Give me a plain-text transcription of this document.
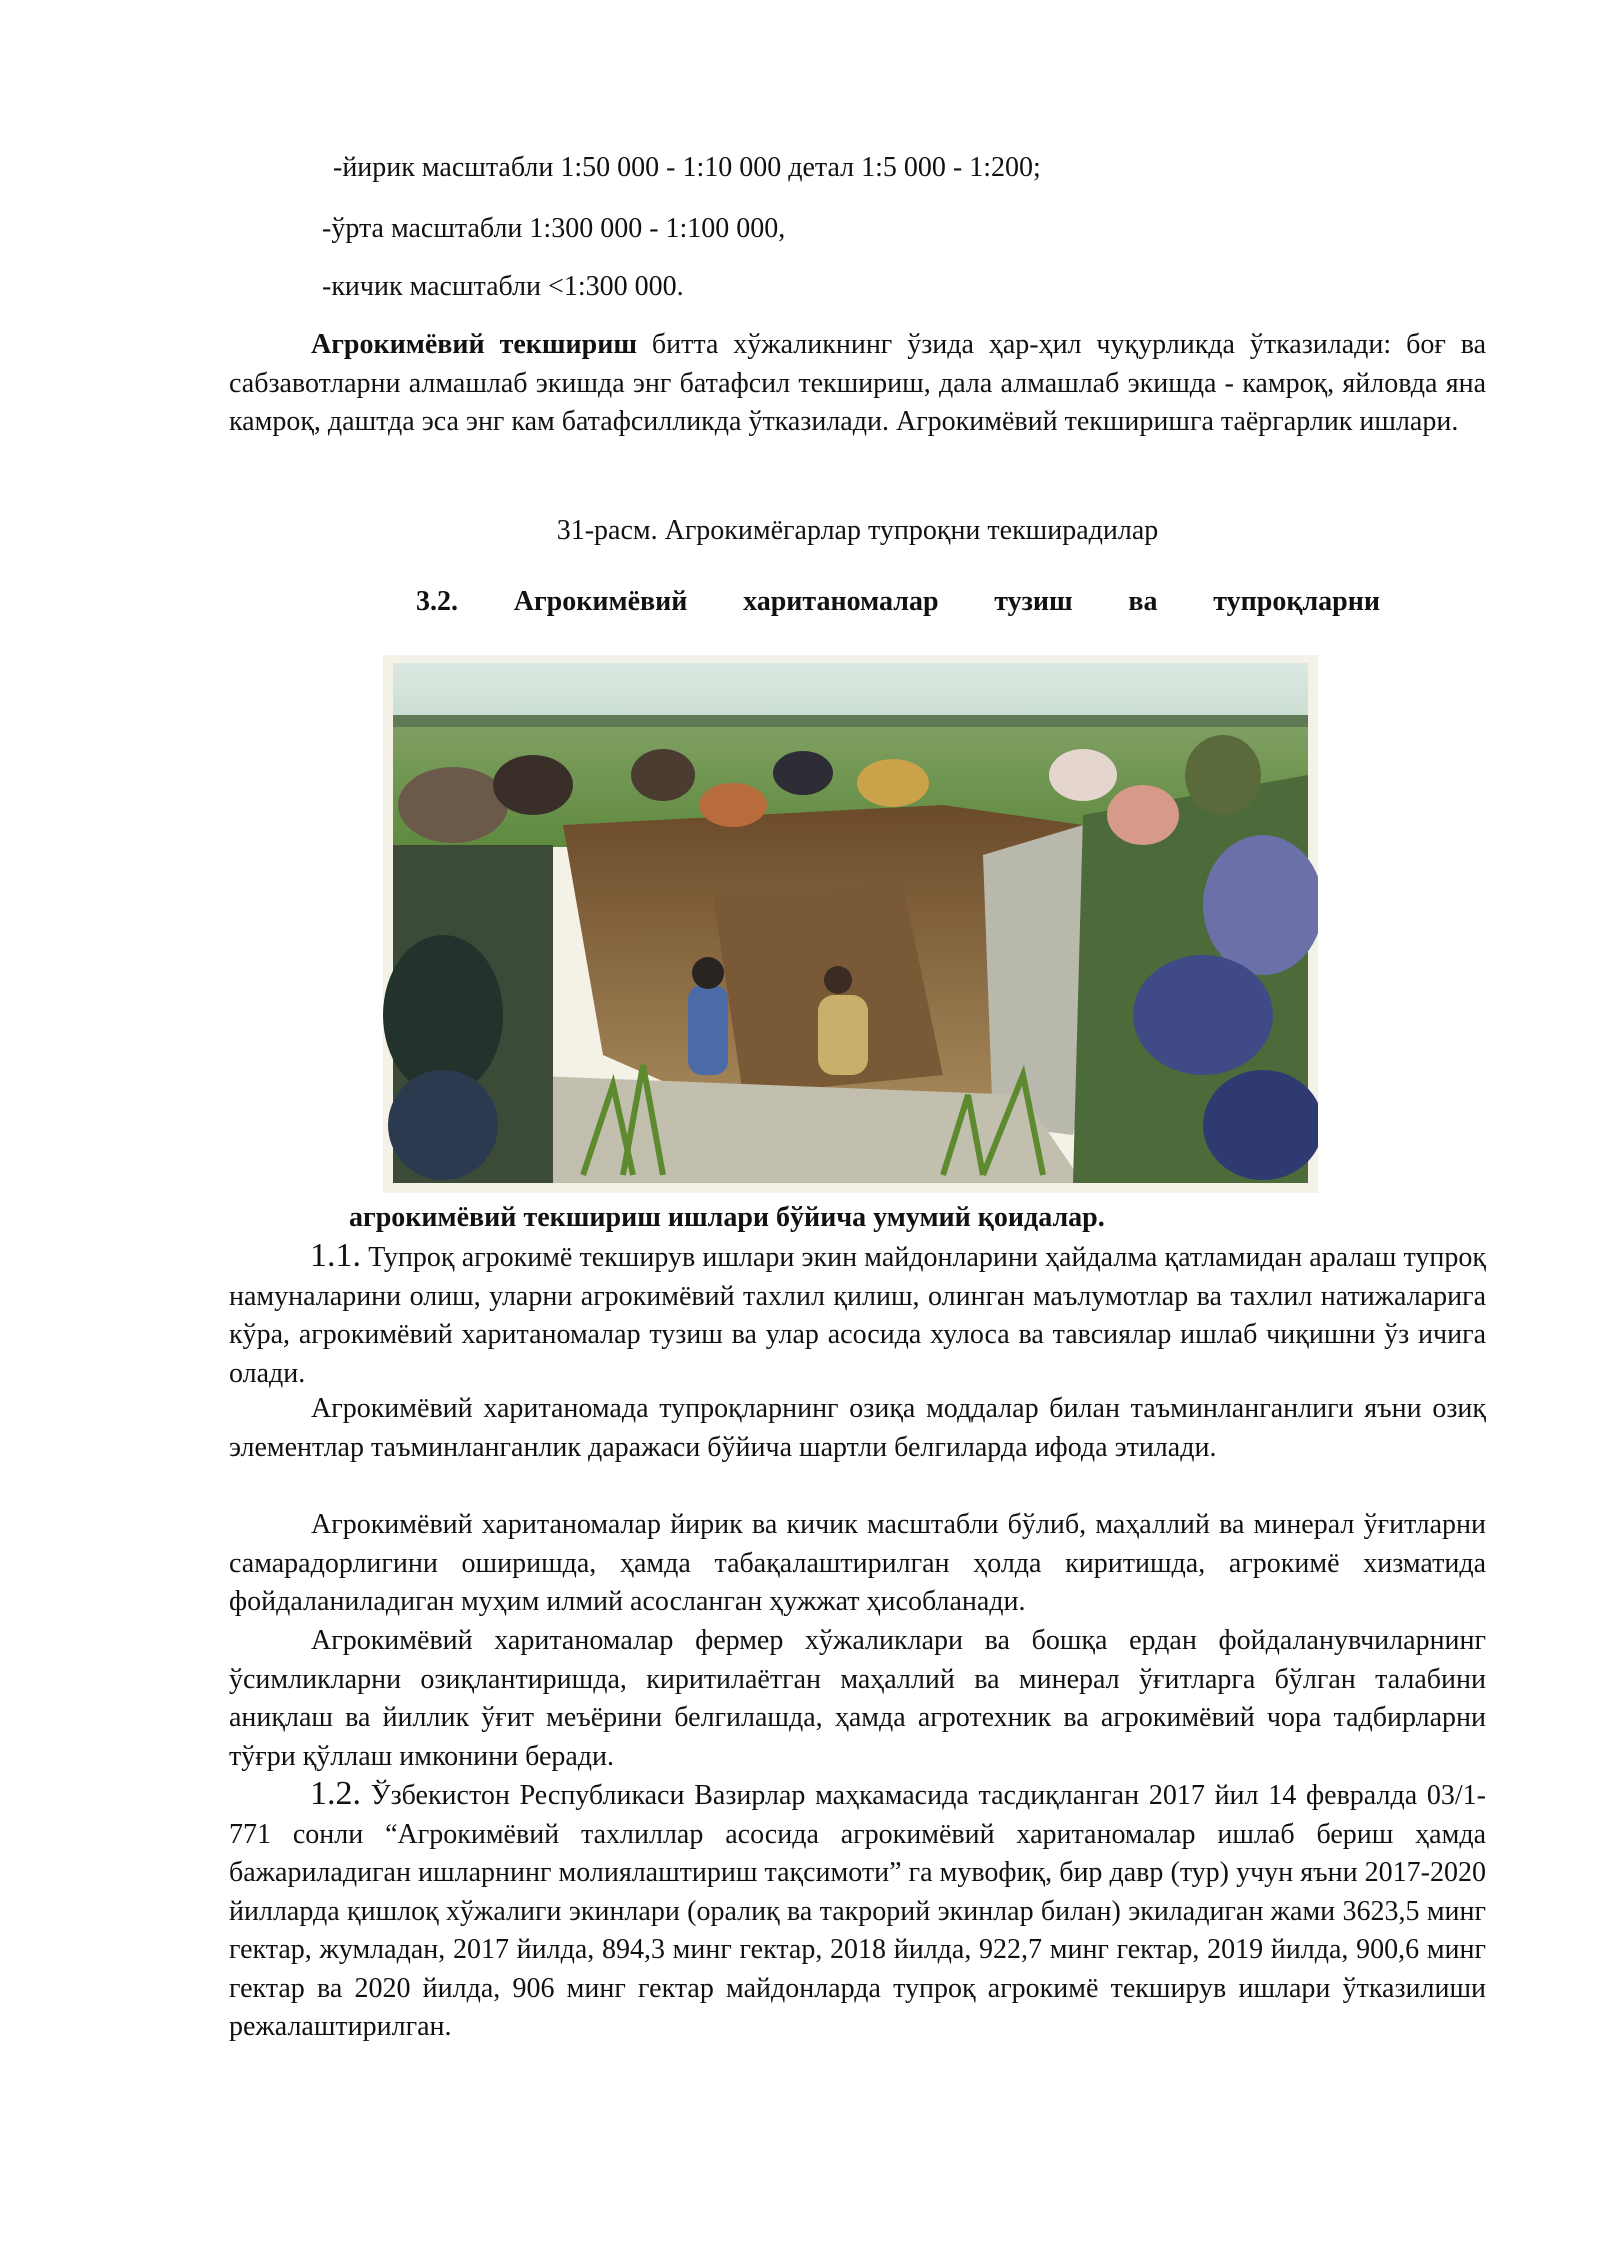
-йирик масштабли 1:50 000 - 1:10 000 детал 1:5 000 - 1:200;
-ўрта масштабли 1:300 000 - 1:100 000,
-кичик масштабли <1:300 000.

Агрокимёвий текшириш битта хўжаликнинг ўзида ҳар-ҳил чуқурликда ўтказилади: боғ ва сабзавотларни алмашлаб экишда энг батафсил текшириш, дала алмашлаб экишда - камроқ, яйловда яна камроқ, даштда эса энг кам батафсилликда ўтказилади. Агрокимёвий текширишга таёргарлик ишлари.

31-расм. Агрокимёгарлар тупроқни текширадилар
3.2. Агрокимёвий хаританомалар тузиш ва тупроқларни
агрокимёвий текшириш ишлари бўйича умумий қоидалар.

1.1. Тупроқ агрокимё текширув ишлари экин майдонларини ҳайдалма қатламидан аралаш тупроқ намуналарини олиш, уларни агрокимёвий тахлил қилиш, олинган маълумотлар ва тахлил натижаларига кўра, агрокимёвий хаританомалар тузиш ва улар асосида хулоса ва тавсиялар ишлаб чиқишни ўз ичига олади.

Агрокимёвий хаританомада тупроқларнинг озиқа моддалар билан таъминланганлиги яъни озиқ элементлар таъминланганлик даражаси бўйича шартли белгиларда ифода этилади.

Агрокимёвий хаританомалар йирик ва кичик масштабли бўлиб, маҳаллий ва минерал ўғитларни самарадорлигини оширишда, ҳамда табақалаштирилган ҳолда киритишда, агрокимё хизматида фойдаланиладиган муҳим илмий асосланган ҳужжат ҳисобланади.

Агрокимёвий хаританомалар фермер хўжаликлари ва бошқа ердан фойдаланувчиларнинг ўсимликларни озиқлантиришда, киритилаётган маҳаллий ва минерал ўғитларга бўлган талабини аниқлаш ва йиллик ўғит меъёрини белгилашда, ҳамда агротехник ва агрокимёвий чора тадбирларни тўғри қўллаш имконини беради.

1.2. Ўзбекистон Республикаси Вазирлар маҳкамасида тасдиқланган 2017 йил 14 февралда 03/1-771 сонли “Агрокимёвий тахлиллар асосида агрокимёвий хаританомалар ишлаб бериш ҳамда бажариладиган ишларнинг молиялаштириш тақсимоти” га мувофиқ, бир давр (тур) учун яъни 2017-2020 йилларда қишлоқ хўжалиги экинлари (оралиқ ва такрорий экинлар билан) экиладиган жами 3623,5 минг гектар, жумладан, 2017 йилда, 894,3 минг гектар, 2018 йилда, 922,7 минг гектар, 2019 йилда, 900,6 минг гектар ва 2020 йилда, 906 минг гектар майдонларда тупроқ агрокимё текширув ишлари ўтказилиши режалаштирилган.
